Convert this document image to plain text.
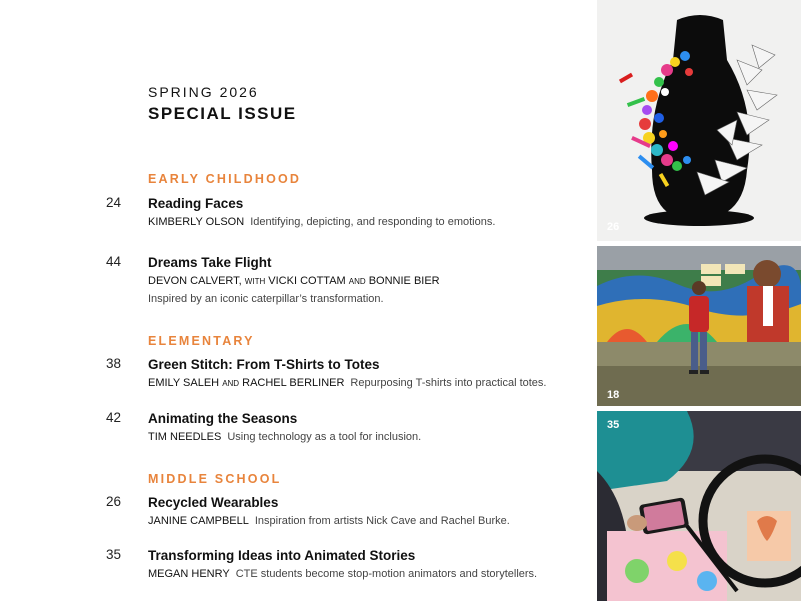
SPRING 2026
SPECIAL ISSUE
EARLY CHILDHOOD
24 Reading Faces
KIMBERLY OLSON Identifying, depicting, and responding to emotions.
44 Dreams Take Flight
DEVON CALVERT, WITH VICKI COTTAM AND BONNIE BIER
Inspired by an iconic caterpillar’s transformation.
ELEMENTARY
38 Green Stitch: From T-Shirts to Totes
EMILY SALEH AND RACHEL BERLINER Repurposing T-shirts into practical totes.
42 Animating the Seasons
TIM NEEDLES Using technology as a tool for inclusion.
MIDDLE SCHOOL
26 Recycled Wearables
JANINE CAMPBELL Inspiration from artists Nick Cave and Rachel Burke.
35 Transforming Ideas into Animated Stories
MEGAN HENRY CTE students become stop-motion animators and storytellers.
26
18
35
